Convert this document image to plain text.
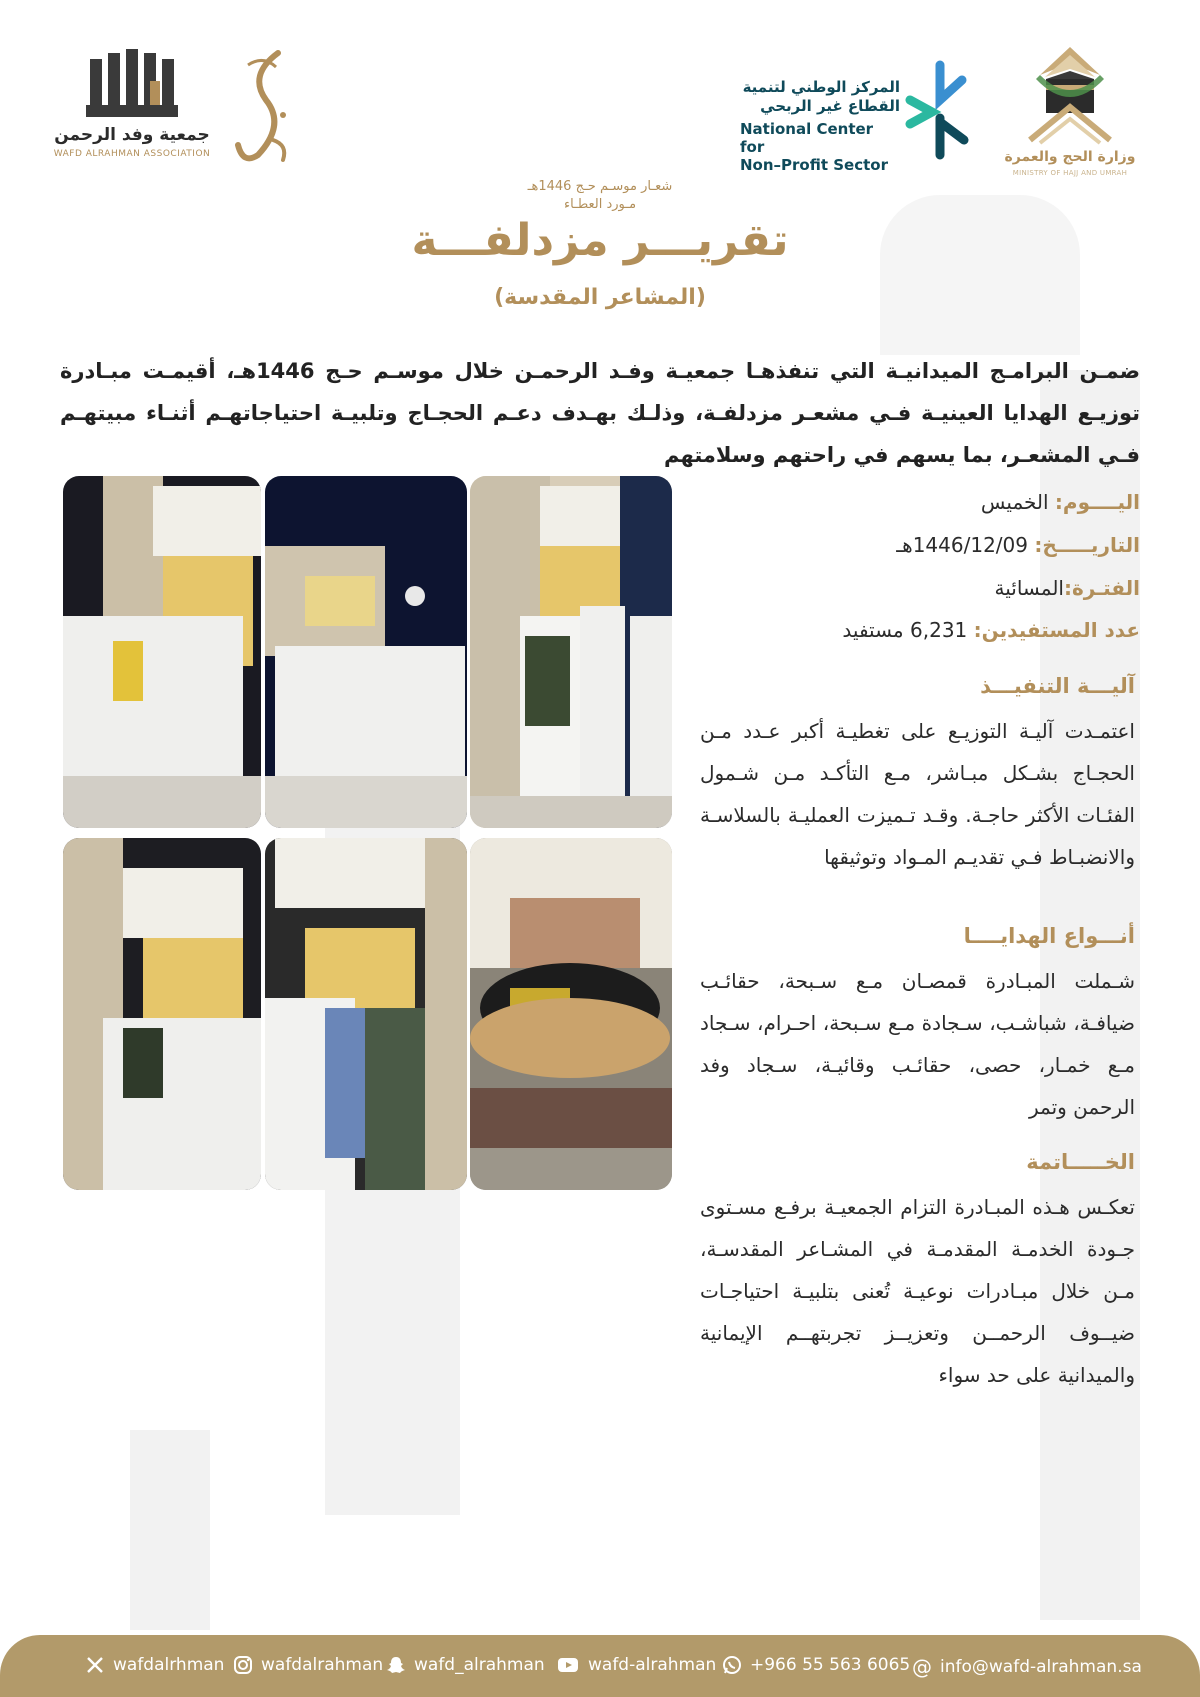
وزارة الحج والعمرة
MINISTRY OF HAJJ AND UMRAH
المركز الوطني لتنمية
القطاع غير الربحي
National Center for
Non–Profit Sector
جمعية وفد الرحمن
WAFD ALRAHMAN ASSOCIATION
شعـار موسـم حـج 1446هـ
مـورد العطـاء
تقريـــر مزدلفـــة
(المشاعر المقدسة)
ضمـن البرامـج الميدانيـة التي تنفذهـا جمعيـة وفـد الرحمـن خلال موسـم حـج 1446هـ، أقيمـت مبـادرة توزيـع الهدايا العينيـة فـي مشعـر مزدلفـة، وذلـك بهـدف دعـم الحجـاج وتلبيـة احتياجاتهـم أثنـاء مبيتهـم فـي المشعـر، بما يسهم في راحتهم وسلامتهم
اليــــوم: الخميس
التاريـــــخ: 1446/12/09هـ
الفتـرة:المسائية
عدد المستفيدين: 6,231 مستفيد
آليـــة التنفيـــذ
اعتمـدت آليـة التوزيـع على تغطيـة أكبر عـدد مـن الحجـاج بشـكل مبـاشر، مـع التأكـد مـن شـمول الفئـات الأكثر حاجـة. وقـد تـميزت العمليـة بالسلاسـة والانضبـاط فـي تقديـم المـواد وتوثيقها
أنـــواع الهدايــــا
شـملت المبـادرة قمصـان مـع سـبحة، حقائـب ضيافـة، شباشـب، سـجادة مـع سـبحة، احـرام، سـجاد مـع خمـار، حصى، حقائـب وقائيـة، سـجاد وفد الرحمن وتمر
الخـــــاتمة
تعكـس هـذه المبـادرة التزام الجمعيـة برفـع مسـتوى جـودة الخدمـة المقدمـة في المشـاعر المقدسـة، مـن خلال مبـادرات نوعيـة تُعنى بتلبيـة احتياجـات ضيــوف الرحمــن وتعزيــز تجربتهــم الإيمانية والميدانية على حد سواء
wafdalrhman wafdalrahman wafd_alrahman	wafd-alrahman +966 55 563 6065 @ info@wafd-alrahman.sa
